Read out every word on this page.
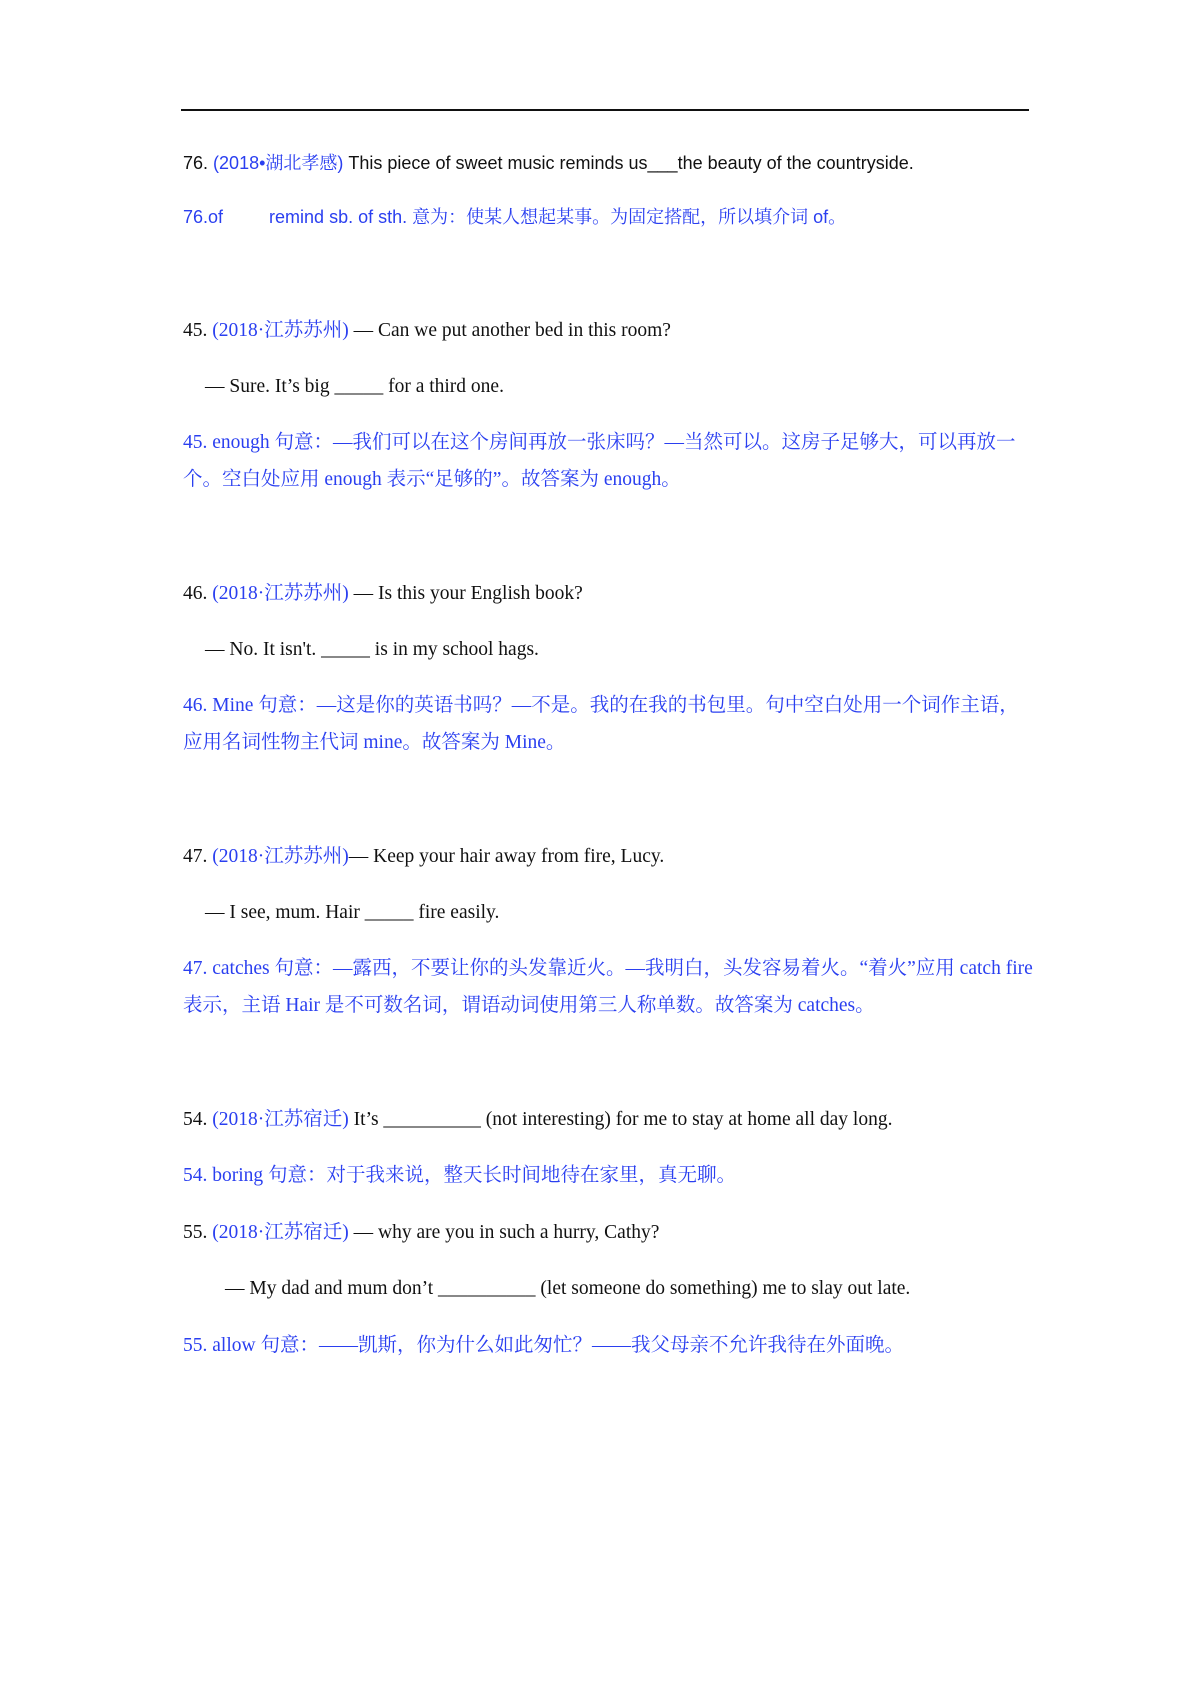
76. (2018•湖北孝感) This piece of sweet music reminds us___the beauty of the countryside.
76.of	remind sb. of sth. 意为：使某人想起某事。为固定搭配，所以填介词 of。
45. (2018·江苏苏州) — Can we put another bed in this room?
— Sure. It’s big _____ for a third one.
45. enough 句意：—我们可以在这个房间再放一张床吗？—当然可以。这房子足够大，可以再放一个。空白处应用 enough 表示“足够的”。故答案为 enough。
46. (2018·江苏苏州) — Is this your English book?
— No. It isn't. _____ is in my school hags.
46. Mine 句意：—这是你的英语书吗？—不是。我的在我的书包里。句中空白处用一个词作主语，应用名词性物主代词 mine。故答案为 Mine。
47. (2018·江苏苏州)— Keep your hair away from fire, Lucy.
— I see, mum. Hair _____ fire easily.
47. catches 句意：—露西，不要让你的头发靠近火。—我明白，头发容易着火。“着火”应用 catch fire 表示，主语 Hair 是不可数名词，谓语动词使用第三人称单数。故答案为 catches。
54. (2018·江苏宿迁) It’s __________ (not interesting) for me to stay at home all day long.
54. boring 句意：对于我来说，整天长时间地待在家里，真无聊。
55. (2018·江苏宿迁) — why are you in such a hurry, Cathy?
— My dad and mum don’t __________ (let someone do something) me to slay out late.
55. allow 句意：——凯斯，你为什么如此匆忙？——我父母亲不允许我待在外面晚。
